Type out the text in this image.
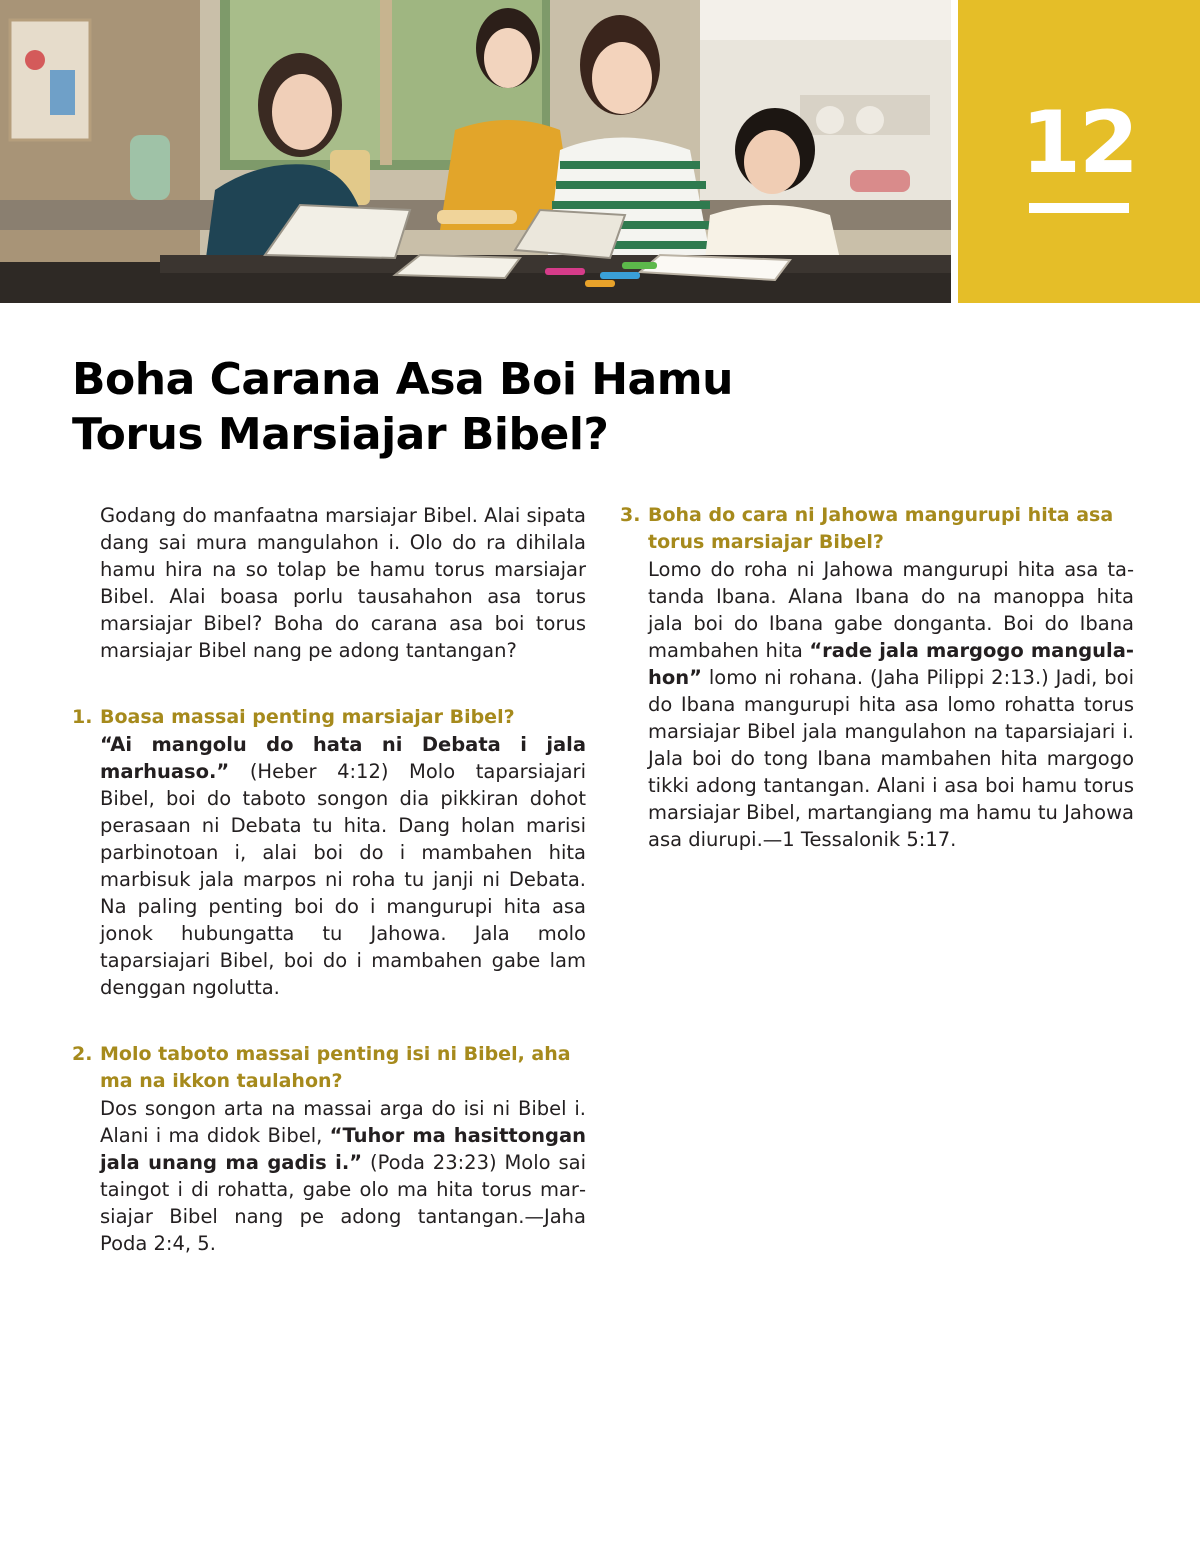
12
Boha Carana Asa Boi Hamu
Torus Marsiajar Bibel?

Godang do manfaatna marsiajar Bibel. Alai sipata dang sai mura mangulahon i. Olo do ra dihilala hamu hira na so tolap be hamu torus marsiajar Bibel. Alai boasa porlu tausahahon asa torus marsiajar Bibel? Boha do carana asa boi torus marsiajar Bibel nang pe adong tantangan?

1. Boasa massai penting marsiajar Bibel?

“Ai mangolu do hata ni Debata i jala marhuaso.” (Heber 4:12) Molo taparsiajari Bibel, boi do taboto songon dia pikkiran dohot perasaan ni Debata tu hita. Dang holan marisi parbinotoan i, alai boi do i mambahen hita marbisuk jala marpos ni roha tu janji ni Debata. Na paling penting boi do i mangurupi hita asa jonok hubungatta tu Jahowa. Jala molo taparsiajari Bibel, boi do i mambahen gabe lam denggan ngolutta.

2. Molo taboto massai penting isi ni Bibel, aha ma na ikkon taulahon?

Dos songon arta na massai arga do isi ni Bibel i. Alani i ma didok Bibel, “Tuhor ma hasittongan jala unang ma gadis i.” (Poda 23:23) Molo sai taingot i di rohatta, gabe olo ma hita torus marsiajar Bibel nang pe adong tantangan.—Jaha Poda 2:4, 5.

3. Boha do cara ni Jahowa mangurupi hita asa torus marsiajar Bibel?

Lomo do roha ni Jahowa mangurupi hita asa tatanda Ibana. Alana Ibana do na manoppa hita jala boi do Ibana gabe donganta. Boi do Ibana mambahen hita “rade jala margogo mangulahon” lomo ni rohana. (Jaha Pilippi 2:13.) Jadi, boi do Ibana mangurupi hita asa lomo rohatta torus marsiajar Bibel jala mangulahon na taparsiajari i. Jala boi do tong Ibana mambahen hita margogo tikki adong tantangan. Alani i asa boi hamu torus marsiajar Bibel, martangiang ma hamu tu Jahowa asa diurupi.—1 Tessalonik 5:17.
